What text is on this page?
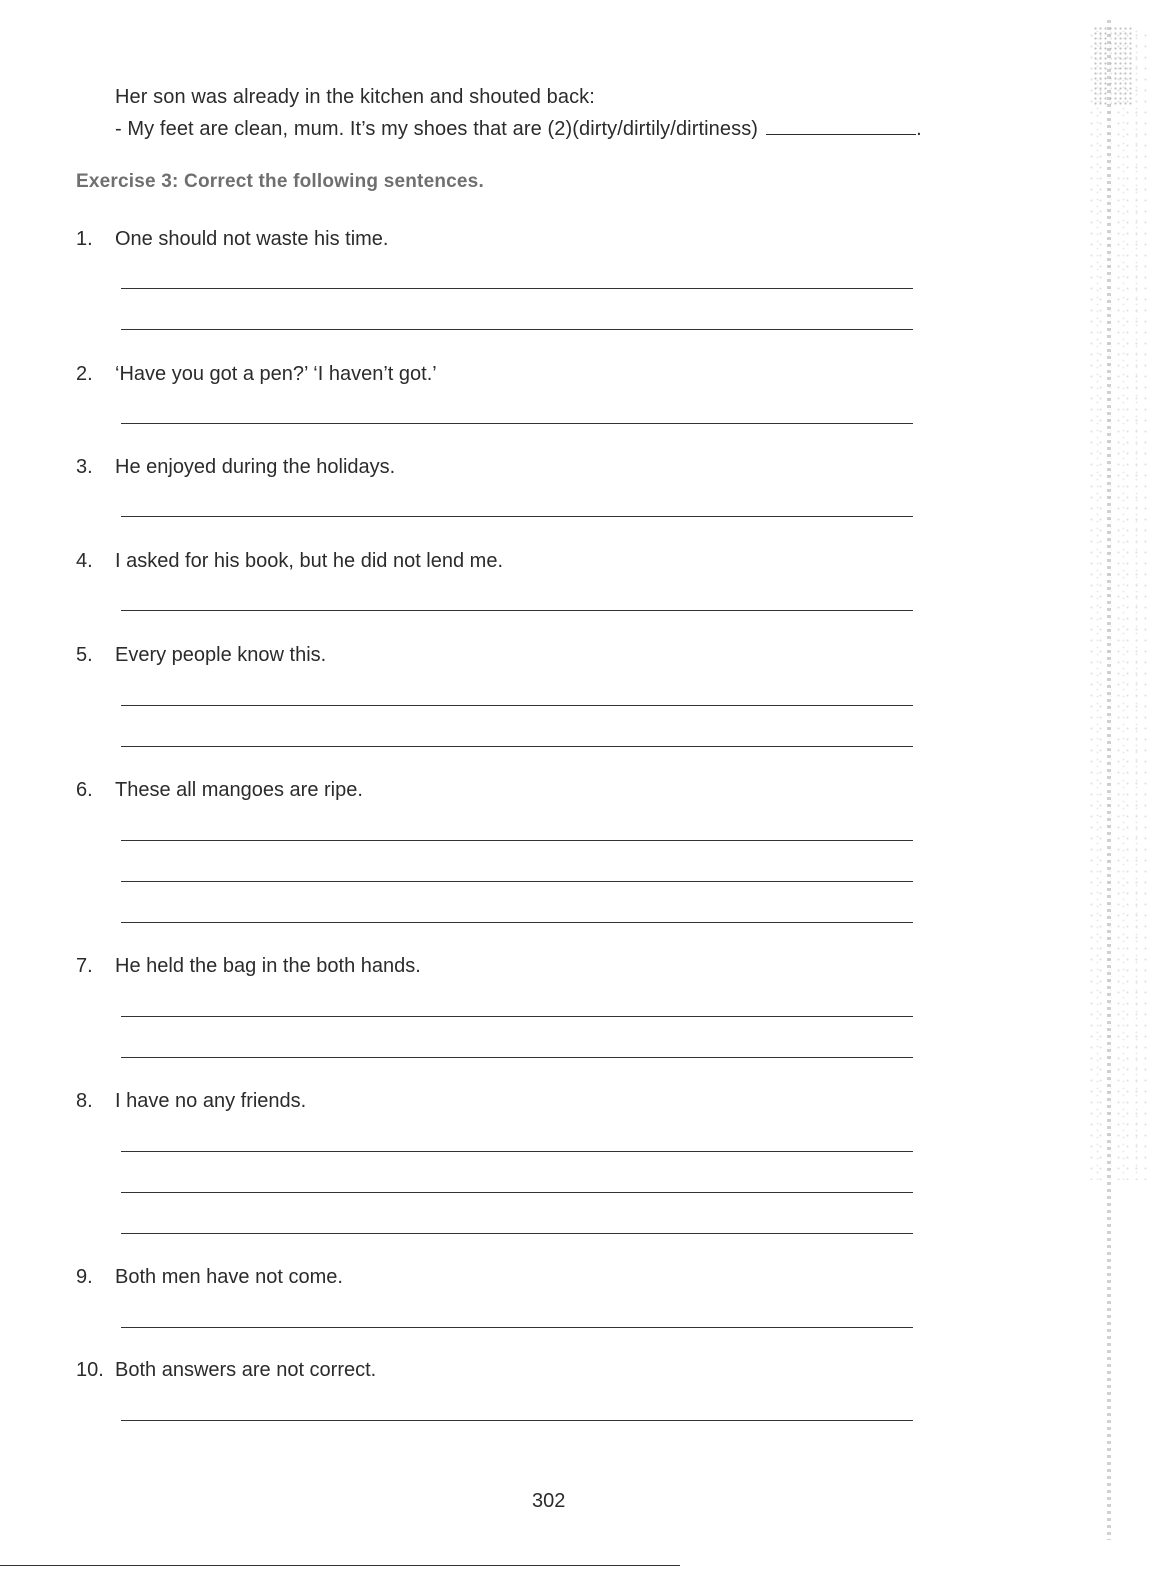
Her son was already in the kitchen and shouted back:
- My feet are clean, mum. It’s my shoes that are (2)(dirty/dirtily/dirtiness)	.
Exercise 3: Correct the following sentences.
1. One should not waste his time.
2. ‘Have you got a pen?’ ‘I haven’t got.’
3. He enjoyed during the holidays.
4. I asked for his book, but he did not lend me.
5. Every people know this.
6. These all mangoes are ripe.
7. He held the bag in the both hands.
8. I have no any friends.
9. Both men have not come.
10. Both answers are not correct.
302
